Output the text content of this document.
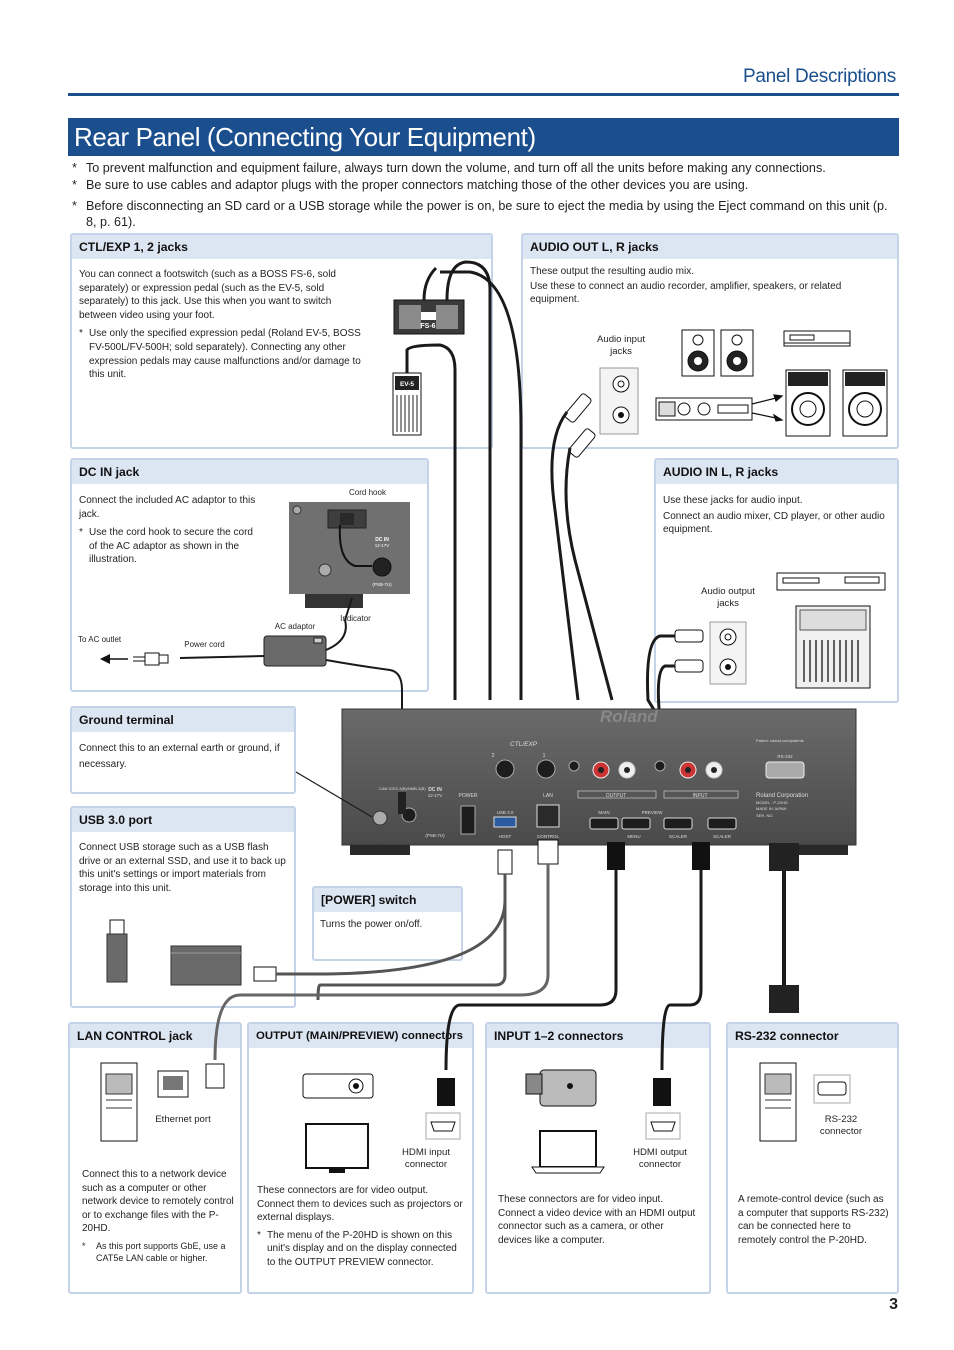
Panel Descriptions
Rear Panel (Connecting Your Equipment)

* To prevent malfunction and equipment failure, always turn down the volume, and turn off all the units before making any connections.

* Be sure to use cables and adaptor plugs with the proper connectors matching those of the other devices you are using.

* Before disconnecting an SD card or a USB storage while the power is on, be sure to eject the media by using the Eject command on this unit (p. 8, p. 61).

CTL/EXP 1, 2 jacks	AUDIO OUT L, R jacks
DC IN jack	AUDIO IN L, R jacks
Ground terminal
USB 3.0 port
[POWER] switch
LAN CONTROL jack	OUTPUT (MAIN/PREVIEW) connectors	INPUT 1–2 connectors	RS-232 connector

You can connect a footswitch (such as a BOSS FS-6, sold separately) or expression pedal (such as the EV-5, sold separately) to this jack. Use this when you want to switch between video using your foot.

* Use only the specified expression pedal (Roland EV-5, BOSS FV-500L/FV-500H; sold separately). Connecting any other expression pedals may cause malfunctions and/or damage to this unit.

These output the resulting audio mix.

Use these to connect an audio recorder, amplifier, speakers, or related equipment.

Audio input jacks

Connect the included AC adaptor to this jack.

* Use the cord hook to secure the cord of the AC adaptor as shown in the illustration.

Cord hook
Indicator
AC adaptor
To AC outlet
Power cord

Use these jacks for audio input.

Connect an audio mixer, CD player, or other audio equipment.

Audio output jacks
Connect this to an external earth or ground, if necessary.
Connect USB storage such as a USB flash drive or an external SSD, and use it to back up this unit's settings or import materials from storage into this unit.
Turns the power on/off.
Ethernet port

Connect this to a network device such as a computer or other network device to remotely control or to exchange files with the P-20HD.

* As this port supports GbE, use a CAT5e LAN cable or higher.

HDMI input connector

These connectors are for video output. Connect them to devices such as projectors or external displays.

* The menu of the P-20HD is shown on this unit's display and on the display connected to the OUTPUT PREVIEW connector.

HDMI output connector
These connectors are for video input. Connect a video device with an HDMI output connector such as a camera, or other devices like a computer.
RS-232 connector
A remote-control device (such as a computer that supports RS-232) can be connected here to remotely control the P-20HD.
3
FS-6
EV-5
DC IN
12-17V
(PSB-7U)
Roland
CTL/EXP
2	1
CAN ICES-3(B)/NMB-3(B) DC IN
12-17V
(PSB-7U)
POWER
USB 3.0
HOST
LAN
CONTROL
OUTPUT	INPUT
MAIN	PREVIEW
MENU	SCALER	SCALER
Patent: roland.com/patents
RS-232
Roland Corporation
MODEL : P-20HD
MADE IN JAPAN
SER. NO.
